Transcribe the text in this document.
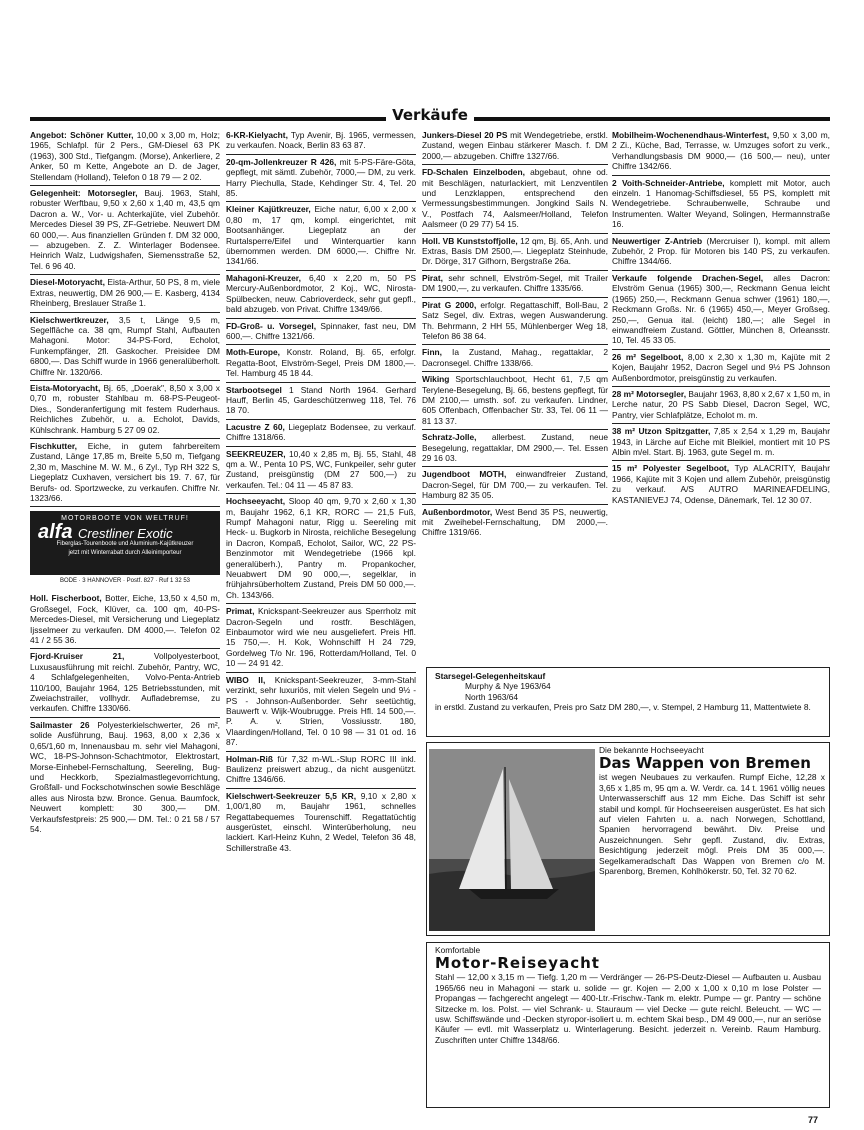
Verkäufe
Angebot: Schöner Kutter, 10,00 x 3,00 m, Holz; 1965, Schlafpl. für 2 Pers., GM-Diesel 63 PK (1963), 300 Std., Tiefgangm. (Morse), Ankerliere, 2 Anker, 50 m Kette, Angebote an D. de Jager, Stellendam (Holland), Telefon 0 18 79 — 2 02.
Gelegenheit: Motorsegler, Bauj. 1963, Stahl, robuster Werftbau, 9,50 x 2,60 x 1,40 m, 43,5 qm Dacron a. W., Vor- u. Achterkajüte, viel Zubehör. Mercedes Diesel 39 PS, ZF-Getriebe. Neuwert DM 60 000,—. Aus finanziellen Gründen f. DM 32 000,— abzugeben. Z. Z. Winterlager Bodensee. Heinrich Walz, Ludwigshafen, Siemensstraße 52, Tel. 6 96 40.
Diesel-Motoryacht, Eista-Arthur, 50 PS, 8 m, viele Extras, neuwertig, DM 26 900,— E. Kasberg, 4134 Rheinberg, Breslauer Straße 1.
Kielschwertkreuzer, 3,5 t, Länge 9,5 m, Segelfläche ca. 38 qm, Rumpf Stahl, Aufbauten Mahagoni. Motor: 34-PS-Ford, Echolot, Funkempfänger, 2fl. Gaskocher. Preisidee DM 6800,—. Das Schiff wurde in 1966 generalüberholt. Chiffre Nr. 1320/66.
Eista-Motoryacht, Bj. 65, „Doerak", 8,50 x 3,00 x 0,70 m, robuster Stahlbau m. 68-PS-Peugeot-Dies., Sonderanfertigung mit festem Ruderhaus. Reichliches Zubehör, u. a. Echolot, Davids, Kühlschrank. Hamburg 5 27 09 02.
Fischkutter, Eiche, in gutem fahrbereitem Zustand, Länge 17,85 m, Breite 5,50 m, Tiefgang 2,30 m, Maschine M. W. M., 6 Zyl., Typ RH 322 S, Liegeplatz Cuxhaven, versichert bis 19. 7. 67, für Berufs- od. Sportzwecke, zu verkaufen. Chiffre Nr. 1323/66.
MOTORBOOTE VON WELTRUF!
alfa Crestliner Exotic
Fiberglas-Tourenboote und Aluminium-Kajütkreuzer
jetzt mit Winterrabatt durch Alleinimporteur
BODE · 3 HANNOVER · Postf. 827 · Ruf 1 32 53
Holl. Fischerboot, Botter, Eiche, 13,50 x 4,50 m, Großsegel, Fock, Klüver, ca. 100 qm, 40-PS-Mercedes-Diesel, mit Versicherung und Liegeplatz Ijsselmeer zu verkaufen. DM 4000,—. Telefon 02 41 / 2 55 36.
Fjord-Kruiser 21, Vollpolyesterboot, Luxusausführung mit reichl. Zubehör, Pantry, WC, 4 Schlafgelegenheiten, Volvo-Penta-Antrieb 110/100, Baujahr 1964, 125 Betriebsstunden, mit Zweiachstrailer, vollhydr. Aufladebremse, zu verkaufen. Chiffre 1330/66.
Sailmaster 26 Polyesterkielschwerter, 26 m², solide Ausführung, Bauj. 1963, 8,00 x 2,36 x 0,65/1,60 m, Innenausbau m. sehr viel Mahagoni, WC, 18-PS-Johnson-Schachtmotor, Elektrostart, Morse-Einhebel-Fernschaltung, Seereling, Bug- und Heckkorb, Spezialmastlegevorrichtung, Großfall- und Fockschotwinschen sowie Beschläge alles aus Nirosta bzw. Bronce. Genua. Baumfock, Neuwert komplett: 30 300,— DM. Verkaufsfestpreis: 25 900,— DM. Tel.: 0 21 58 / 57 54.
6-KR-Kielyacht, Typ Avenir, Bj. 1965, vermessen, zu verkaufen. Noack, Berlin 83 63 87.
20-qm-Jollenkreuzer R 426, mit 5-PS-Färe-Göta, gepflegt, mit sämtl. Zubehör, 7000,— DM, zu verk. Harry Piechulla, Stade, Kehdinger Str. 4, Tel. 20 85.
Kleiner Kajütkreuzer, Eiche natur, 6,00 x 2,00 x 0,80 m, 17 qm, kompl. eingerichtet, mit Bootsanhänger. Liegeplatz an der Rurtalsperre/Eifel und Winterquartier kann übernommen werden. DM 6000,—. Chiffre Nr. 1341/66.
Mahagoni-Kreuzer, 6,40 x 2,20 m, 50 PS Mercury-Außenbordmotor, 2 Koj., WC, Nirosta-Spülbecken, neuw. Cabrioverdeck, sehr gut gepfl., bald abzugeb. von Privat. Chiffre 1349/66.
FD-Groß- u. Vorsegel, Spinnaker, fast neu, DM 600,—. Chiffre 1321/66.
Moth-Europe, Konstr. Roland, Bj. 65, erfolgr. Regatta-Boot, Elvström-Segel, Preis DM 1800,—. Tel. Hamburg 45 18 44.
Starbootsegel 1 Stand North 1964. Gerhard Hauff, Berlin 45, Gardeschützenweg 118, Tel. 76 18 70.
Lacustre Z 60, Liegeplatz Bodensee, zu verkauf. Chiffre 1318/66.
SEEKREUZER, 10,40 x 2,85 m, Bj. 55, Stahl, 48 qm a. W., Penta 10 PS, WC, Funkpeiler, sehr guter Zustand, preisgünstig (DM 27 500,—) zu verkaufen. Tel.: 04 11 — 45 87 83.
Hochseeyacht, Sloop 40 qm, 9,70 x 2,60 x 1,30 m, Baujahr 1962, 6,1 KR, RORC — 21,5 Fuß, Rumpf Mahagoni natur, Rigg u. Seereling mit Heck- u. Bugkorb in Nirosta, reichliche Besegelung in Dacron, Kompaß, Echolot, Sailor, WC, 22 PS-Benzinmotor mit Wendegetriebe (1966 kpl. generalüberh.), Pantry m. Propankocher, Neuabwert DM 90 000,—, segelklar, in frühjahrsüberholtem Zustand, Preis DM 50 000,—. Ch. 1343/66.
Primat, Knickspant-Seekreuzer aus Sperrholz mit Dacron-Segeln und rostfr. Beschlägen, Einbaumotor wird wie neu ausgeliefert. Preis Hfl. 15 750,—. H. Kok, Wohnschiff H 24 729, Gordelweg T/o Nr. 196, Rotterdam/Holland, Tel. 0 10 — 24 91 42.
WIBO II, Knickspant-Seekreuzer, 3-mm-Stahl verzinkt, sehr luxuriös, mit vielen Segeln und 9½ - PS - Johnson-Außenborder. Sehr seetüchtig, Bauwerft v. Wijk-Woubrugge. Preis Hfl. 14 500,—. P. A. v. Strien, Vossiusstr. 180, Vlaardingen/Holland, Tel. 0 10 98 — 31 01 od. 16 87.
Holman-Riß für 7,32 m-WL.-Slup RORC III inkl. Baulizenz preiswert abzug., da nicht ausgenützt. Chiffre 1346/66.
Kielschwert-Seekreuzer 5,5 KR, 9,10 x 2,80 x 1,00/1,80 m, Baujahr 1961, schnelles Regattabequemes Tourenschiff. Regattatüchtig ausgerüstet, einschl. Winterüberholung, neu lackiert. Karl-Heinz Kuhn, 2 Wedel, Telefon 36 48, Schillerstraße 43.
Junkers-Diesel 20 PS mit Wendegetriebe, erstkl. Zustand, wegen Einbau stärkerer Masch. f. DM 2000,— abzugeben. Chiffre 1327/66.
FD-Schalen Einzelboden, abgebaut, ohne od. mit Beschlägen, naturlackiert, mit Lenzventilen und Lenzklappen, entsprechend den Vermessungsbestimmungen. Jongkind Sails N. V., Postfach 74, Aalsmeer/Holland, Telefon Aalsmeer (0 29 77) 54 15.
Holl. VB Kunststoffjolle, 12 qm, Bj. 65, Anh. und Extras, Basis DM 2500,—. Liegeplatz Steinhude, Dr. Dörge, 317 Gifhorn, Bergstraße 26a.
Pirat, sehr schnell, Elvström-Segel, mit Trailer DM 1900,—, zu verkaufen. Chiffre 1335/66.
Pirat G 2000, erfolgr. Regattaschiff, Boll-Bau, 2 Satz Segel, div. Extras, wegen Auswanderung. Th. Behrmann, 2 HH 55, Mühlenberger Weg 18, Telefon 86 38 64.
Finn, Ia Zustand, Mahag., regattaklar, 2 Dacronsegel. Chiffre 1338/66.
Wiking Sportschlauchboot, Hecht 61, 7,5 qm Terylene-Besegelung, Bj. 66, bestens gepflegt, für DM 2100,— umsth. sof. zu verkaufen. Lindner, 605 Offenbach, Offenbacher Str. 33, Tel. 06 11 — 81 13 37.
Schratz-Jolle, allerbest. Zustand, neue Besegelung, regattaklar, DM 2900,—. Tel. Essen 29 16 03.
Jugendboot MOTH, einwandfreier Zustand, Dacron-Segel, für DM 700,— zu verkaufen. Tel. Hamburg 82 35 05.
Außenbordmotor, West Bend 35 PS, neuwertig, mit Zweihebel-Fernschaltung, DM 2000,—. Chiffre 1319/66.
Mobilheim-Wochenendhaus-Winterfest, 9,50 x 3,00 m, 2 Zi., Küche, Bad, Terrasse, w. Umzuges sofort zu verk., Verhandlungsbasis DM 9000,— (16 500,— neu), unter Chiffre 1342/66.
2 Voith-Schneider-Antriebe, komplett mit Motor, auch einzeln. 1 Hanomag-Schiffsdiesel, 55 PS, komplett mit Wendegetriebe. Schraubenwelle, Schraube und Instrumenten. Walter Weyand, Solingen, Hermannstraße 16.
Neuwertiger Z-Antrieb (Mercruiser I), kompl. mit allem Zubehör, 2 Prop. für Motoren bis 140 PS, zu verkaufen. Chiffre 1344/66.
Verkaufe folgende Drachen-Segel, alles Dacron: Elvström Genua (1965) 300,—, Reckmann Genua leicht (1965) 250,—, Reckmann Genua schwer (1961) 180,—, Reckmann Großs. Nr. 6 (1965) 450,—, Meyer Großseg. 250,—, Genua ital. (leicht) 180,—; alle Segel in einwandfreiem Zustand. Göttler, München 8, Orleansstr. 10, Tel. 45 33 05.
26 m² Segelboot, 8,00 x 2,30 x 1,30 m, Kajüte mit 2 Kojen, Baujahr 1952, Dacron Segel und 9½ PS Johnson Außenbordmotor, preisgünstig zu verkaufen.
28 m² Motorsegler, Baujahr 1963, 8,80 x 2,67 x 1,50 m, in Lerche natur, 20 PS Sabb Diesel, Dacron Segel, WC, Pantry, vier Schlafplätze, Echolot m. m.
38 m² Utzon Spitzgatter, 7,85 x 2,54 x 1,29 m, Baujahr 1943, in Lärche auf Eiche mit Bleikiel, montiert mit 10 PS Albin m/el. Start. Bj. 1963, gute Segel m. m.
15 m² Polyester Segelboot, Typ ALACRITY, Baujahr 1966, Kajüte mit 3 Kojen und allem Zubehör, preisgünstig zu verkauf. A/S AUTRO MARINEAFDELING, KASTANIEVEJ 74, Odense, Dänemark, Tel. 12 30 07.
Starsegel-Gelegenheitskauf
Murphy & Nye 1963/64
North 1963/64
in erstkl. Zustand zu verkaufen, Preis pro Satz DM 280,—, v. Stempel, 2 Hamburg 11, Mattentwiete 8.
Die bekannte Hochseeyacht
Das Wappen von Bremen
ist wegen Neubaues zu verkaufen. Rumpf Eiche, 12,28 x 3,65 x 1,85 m, 95 qm a. W. Verdr. ca. 14 t. 1961 völlig neues Unterwasserschiff aus 12 mm Eiche. Das Schiff ist sehr stabil und kompl. für Hochseereisen ausgerüstet. Es hat sich auf vielen Fahrten u. a. nach Norwegen, Schottland, Spanien hervorragend bewährt. Div. Preise und Auszeichnungen. Sehr gepfl. Zustand, div. Extras, Besichtigung jederzeit mögl. Preis DM 35 000,—. Segelkameradschaft Das Wappen von Bremen c/o M. Sparenborg, Bremen, Kohlhökerstr. 50, Tel. 32 70 62.
Komfortable
Motor-Reiseyacht
Stahl — 12,00 x 3,15 m — Tiefg. 1,20 m — Verdränger — 26-PS-Deutz-Diesel — Aufbauten u. Ausbau 1965/66 neu in Mahagoni — stark u. solide — gr. Kojen — 2,00 x 1,00 x 0,10 m lose Polster — Propangas — fachgerecht angelegt — 400-Ltr.-Frischw.-Tank m. elektr. Pumpe — gr. Pantry — schöne Sitzecke m. los. Polst. — viel Schrank- u. Stauraum — viel Decke — gute reichl. Beleucht. — WC — usw. Schiffswände und -Decken styropor-isoliert u. m. echtem Skai besp., DM 49 000,—, nur an seriöse Käufer — evtl. mit Wasserplatz u. Winterlagerung. Besicht. jederzeit n. Vereinb. Raum Hamburg. Zuschriften unter Chiffre 1348/66.
77
